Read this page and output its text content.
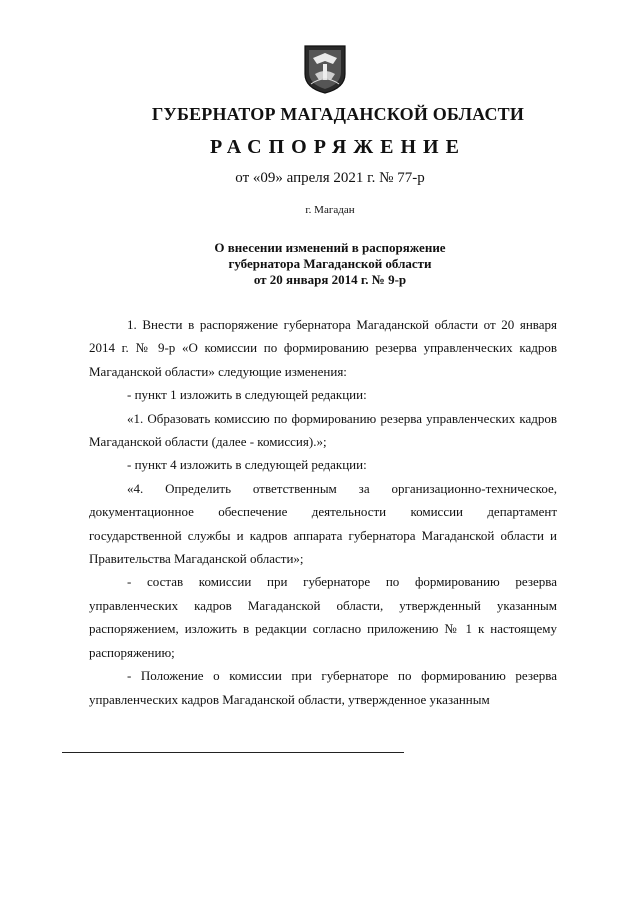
ГУБЕРНАТОР МАГАДАНСКОЙ ОБЛАСТИ
РАСПОРЯЖЕНИЕ
от «09» апреля 2021 г. № 77-р
г. Магадан
О внесении изменений в распоряжение
губернатора Магаданской области
от 20 января 2014 г. № 9-р

1. Внести в распоряжение губернатора Магаданской области от 20 января 2014 г. № 9-р «О комиссии по формированию резерва управленческих кадров Магаданской области» следующие изменения:

- пункт 1 изложить в следующей редакции:

«1. Образовать комиссию по формированию резерва управленческих кадров Магаданской области (далее - комиссия).»;

- пункт 4 изложить в следующей редакции:

«4. Определить ответственным за организационно-техническое, документационное обеспечение деятельности комиссии департамент государственной службы и кадров аппарата губернатора Магаданской области и Правительства Магаданской области»;

- состав комиссии при губернаторе по формированию резерва управленческих кадров Магаданской области, утвержденный указанным распоряжением, изложить в редакции согласно приложению № 1 к настоящему распоряжению;

- Положение о комиссии при губернаторе по формированию резерва управленческих кадров Магаданской области, утвержденное указанным
